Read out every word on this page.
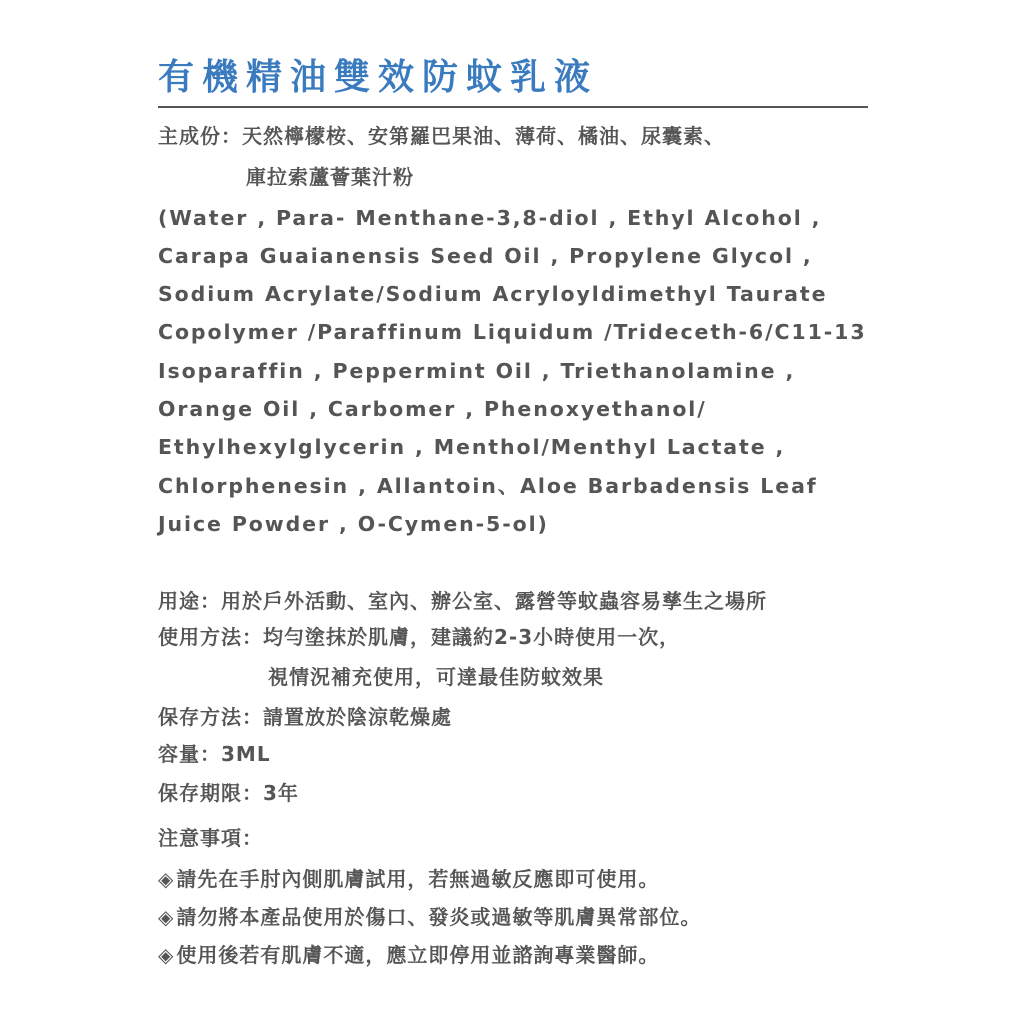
有機精油雙效防蚊乳液
主成份：天然檸檬桉、安第羅巴果油、薄荷、橘油、尿囊素、
庫拉索蘆薈葉汁粉
(Water , Para- Menthane-3,8-diol , Ethyl Alcohol ,
Carapa Guaianensis Seed Oil , Propylene Glycol ,
Sodium Acrylate/Sodium Acryloyldimethyl Taurate
Copolymer /Paraffinum Liquidum /Trideceth-6/C11-13
Isoparaffin , Peppermint Oil , Triethanolamine ,
Orange Oil , Carbomer , Phenoxyethanol/
Ethylhexylglycerin , Menthol/Menthyl Lactate ,
Chlorphenesin , Allantoin、Aloe Barbadensis Leaf
Juice Powder , O-Cymen-5-ol)
用途：用於戶外活動、室內、辦公室、露營等蚊蟲容易孳生之場所
使用方法：均勻塗抹於肌膚，建議約2-3小時使用一次，
視情況補充使用，可達最佳防蚊效果
保存方法：請置放於陰涼乾燥處
容量：3ML
保存期限：3年
注意事項：
◈ 請先在手肘內側肌膚試用，若無過敏反應即可使用。
◈ 請勿將本產品使用於傷口、發炎或過敏等肌膚異常部位。
◈ 使用後若有肌膚不適，應立即停用並諮詢專業醫師。
